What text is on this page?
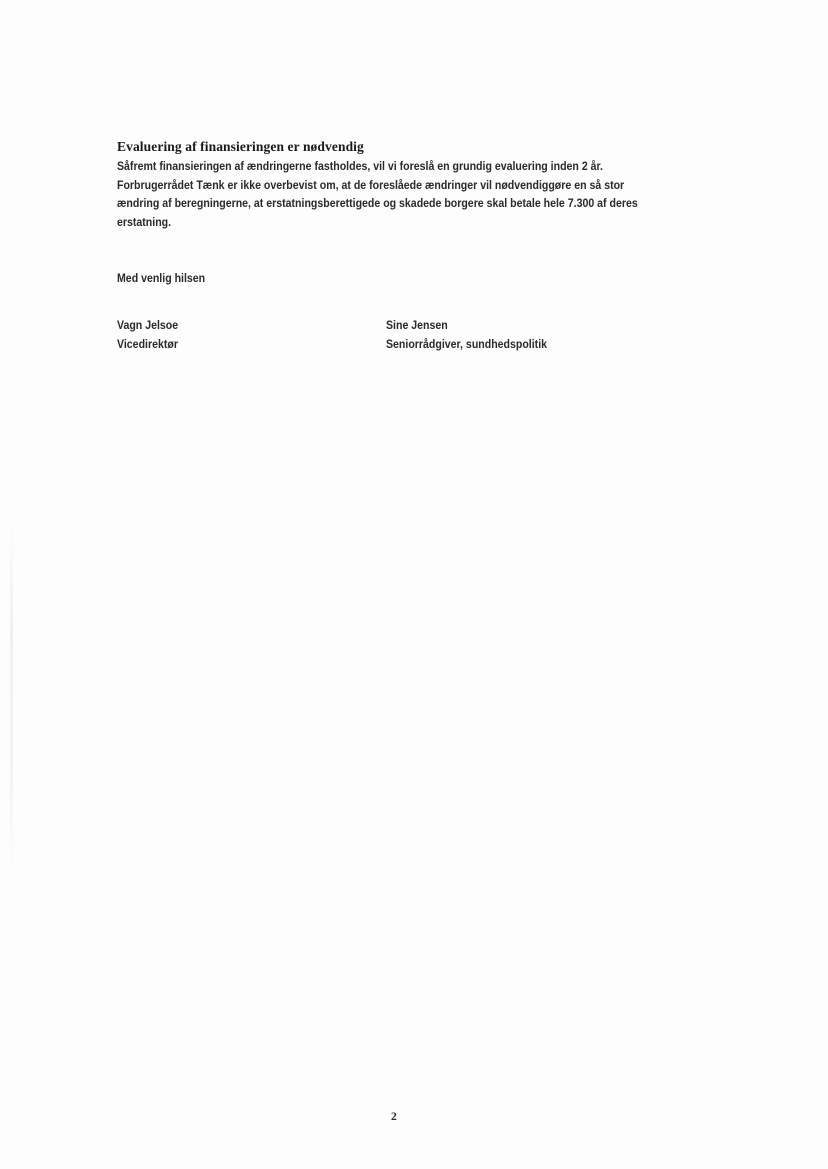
Evaluering af finansieringen er nødvendig
Såfremt finansieringen af ændringerne fastholdes, vil vi foreslå en grundig evaluering inden 2 år.
Forbrugerrådet Tænk er ikke overbevist om, at de foreslåede ændringer vil nødvendiggøre en så stor
ændring af beregningerne, at erstatningsberettigede og skadede borgere skal betale hele 7.300 af deres
erstatning.
Med venlig hilsen
Vagn Jelsoe
Vicedirektør
Sine Jensen
Seniorrådgiver, sundhedspolitik
2
